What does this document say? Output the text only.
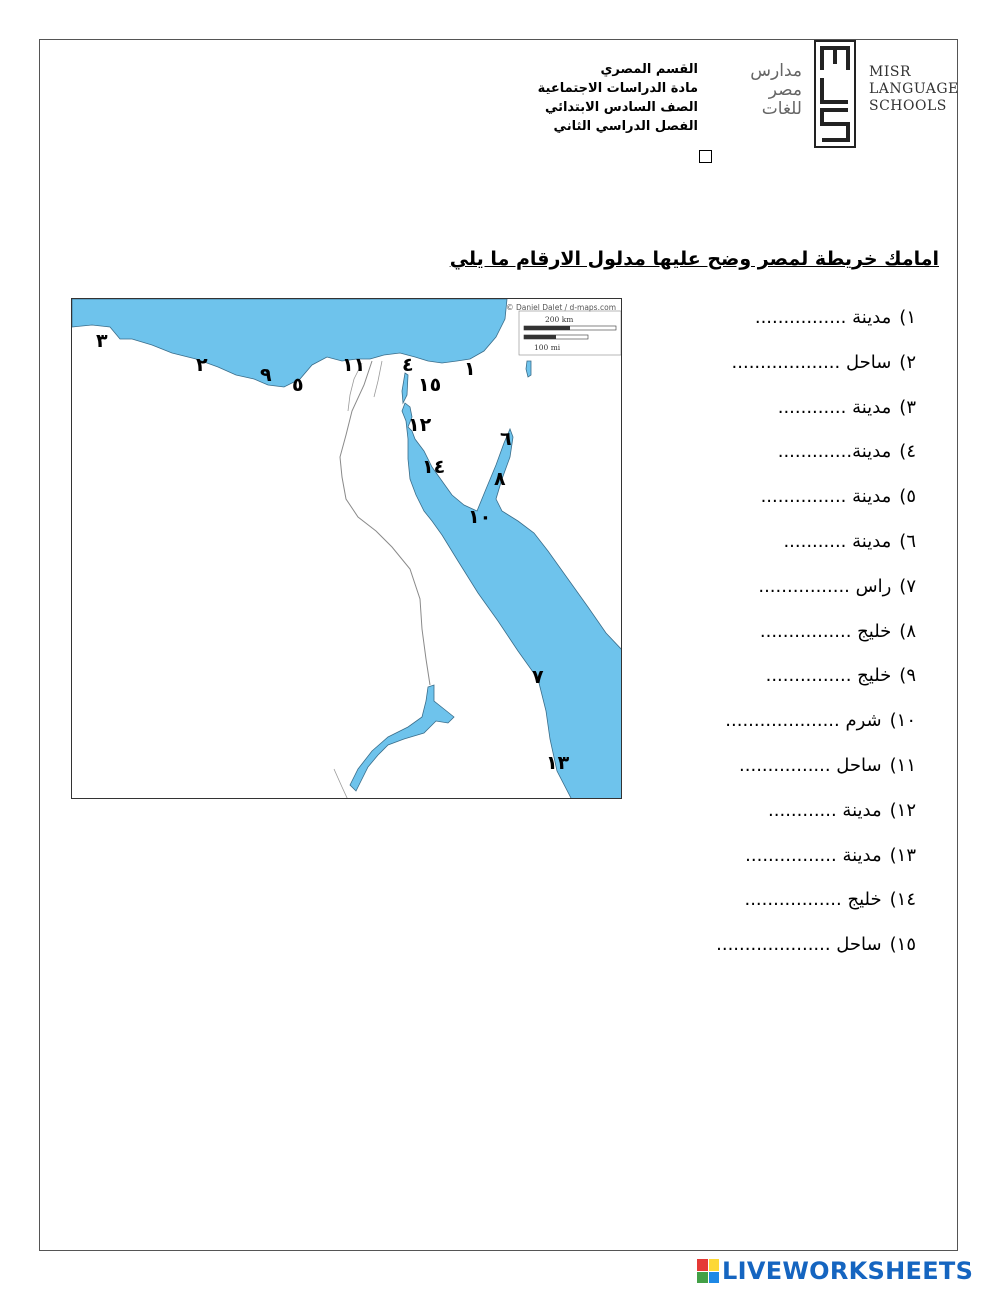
القسم المصري
مادة الدراسات الاجتماعية
الصف السادس الابتدائي
الفصل الدراسي الثاني
مدارس
مصر
للغات
MISR
LANGUAGE
SCHOOLS
امامك خريطة لمصر وضح عليها مدلول الارقام ما يلي
© Daniel Dalet / d-maps.com
200 km
100 mi
٣
٢	٩ ٥
١١ ٤
١٥
١
١٢
٦
١٤
٨
١٠
٧
١٣
١)
مدينة ................
٢)
ساحل ...................
٣)
مدينة ............
٤)
مدينة.............
٥)
مدينة ...............
٦)
مدينة ...........
٧)
راس ................
٨)
خليج ................
٩)
خليج ...............
١٠)
شرم ....................
١١)
ساحل ................
١٢)
مدينة ............
١٣)
مدينة ................
١٤)
خليج .................
١٥)
ساحل ....................
LIVEWORKSHEETS
